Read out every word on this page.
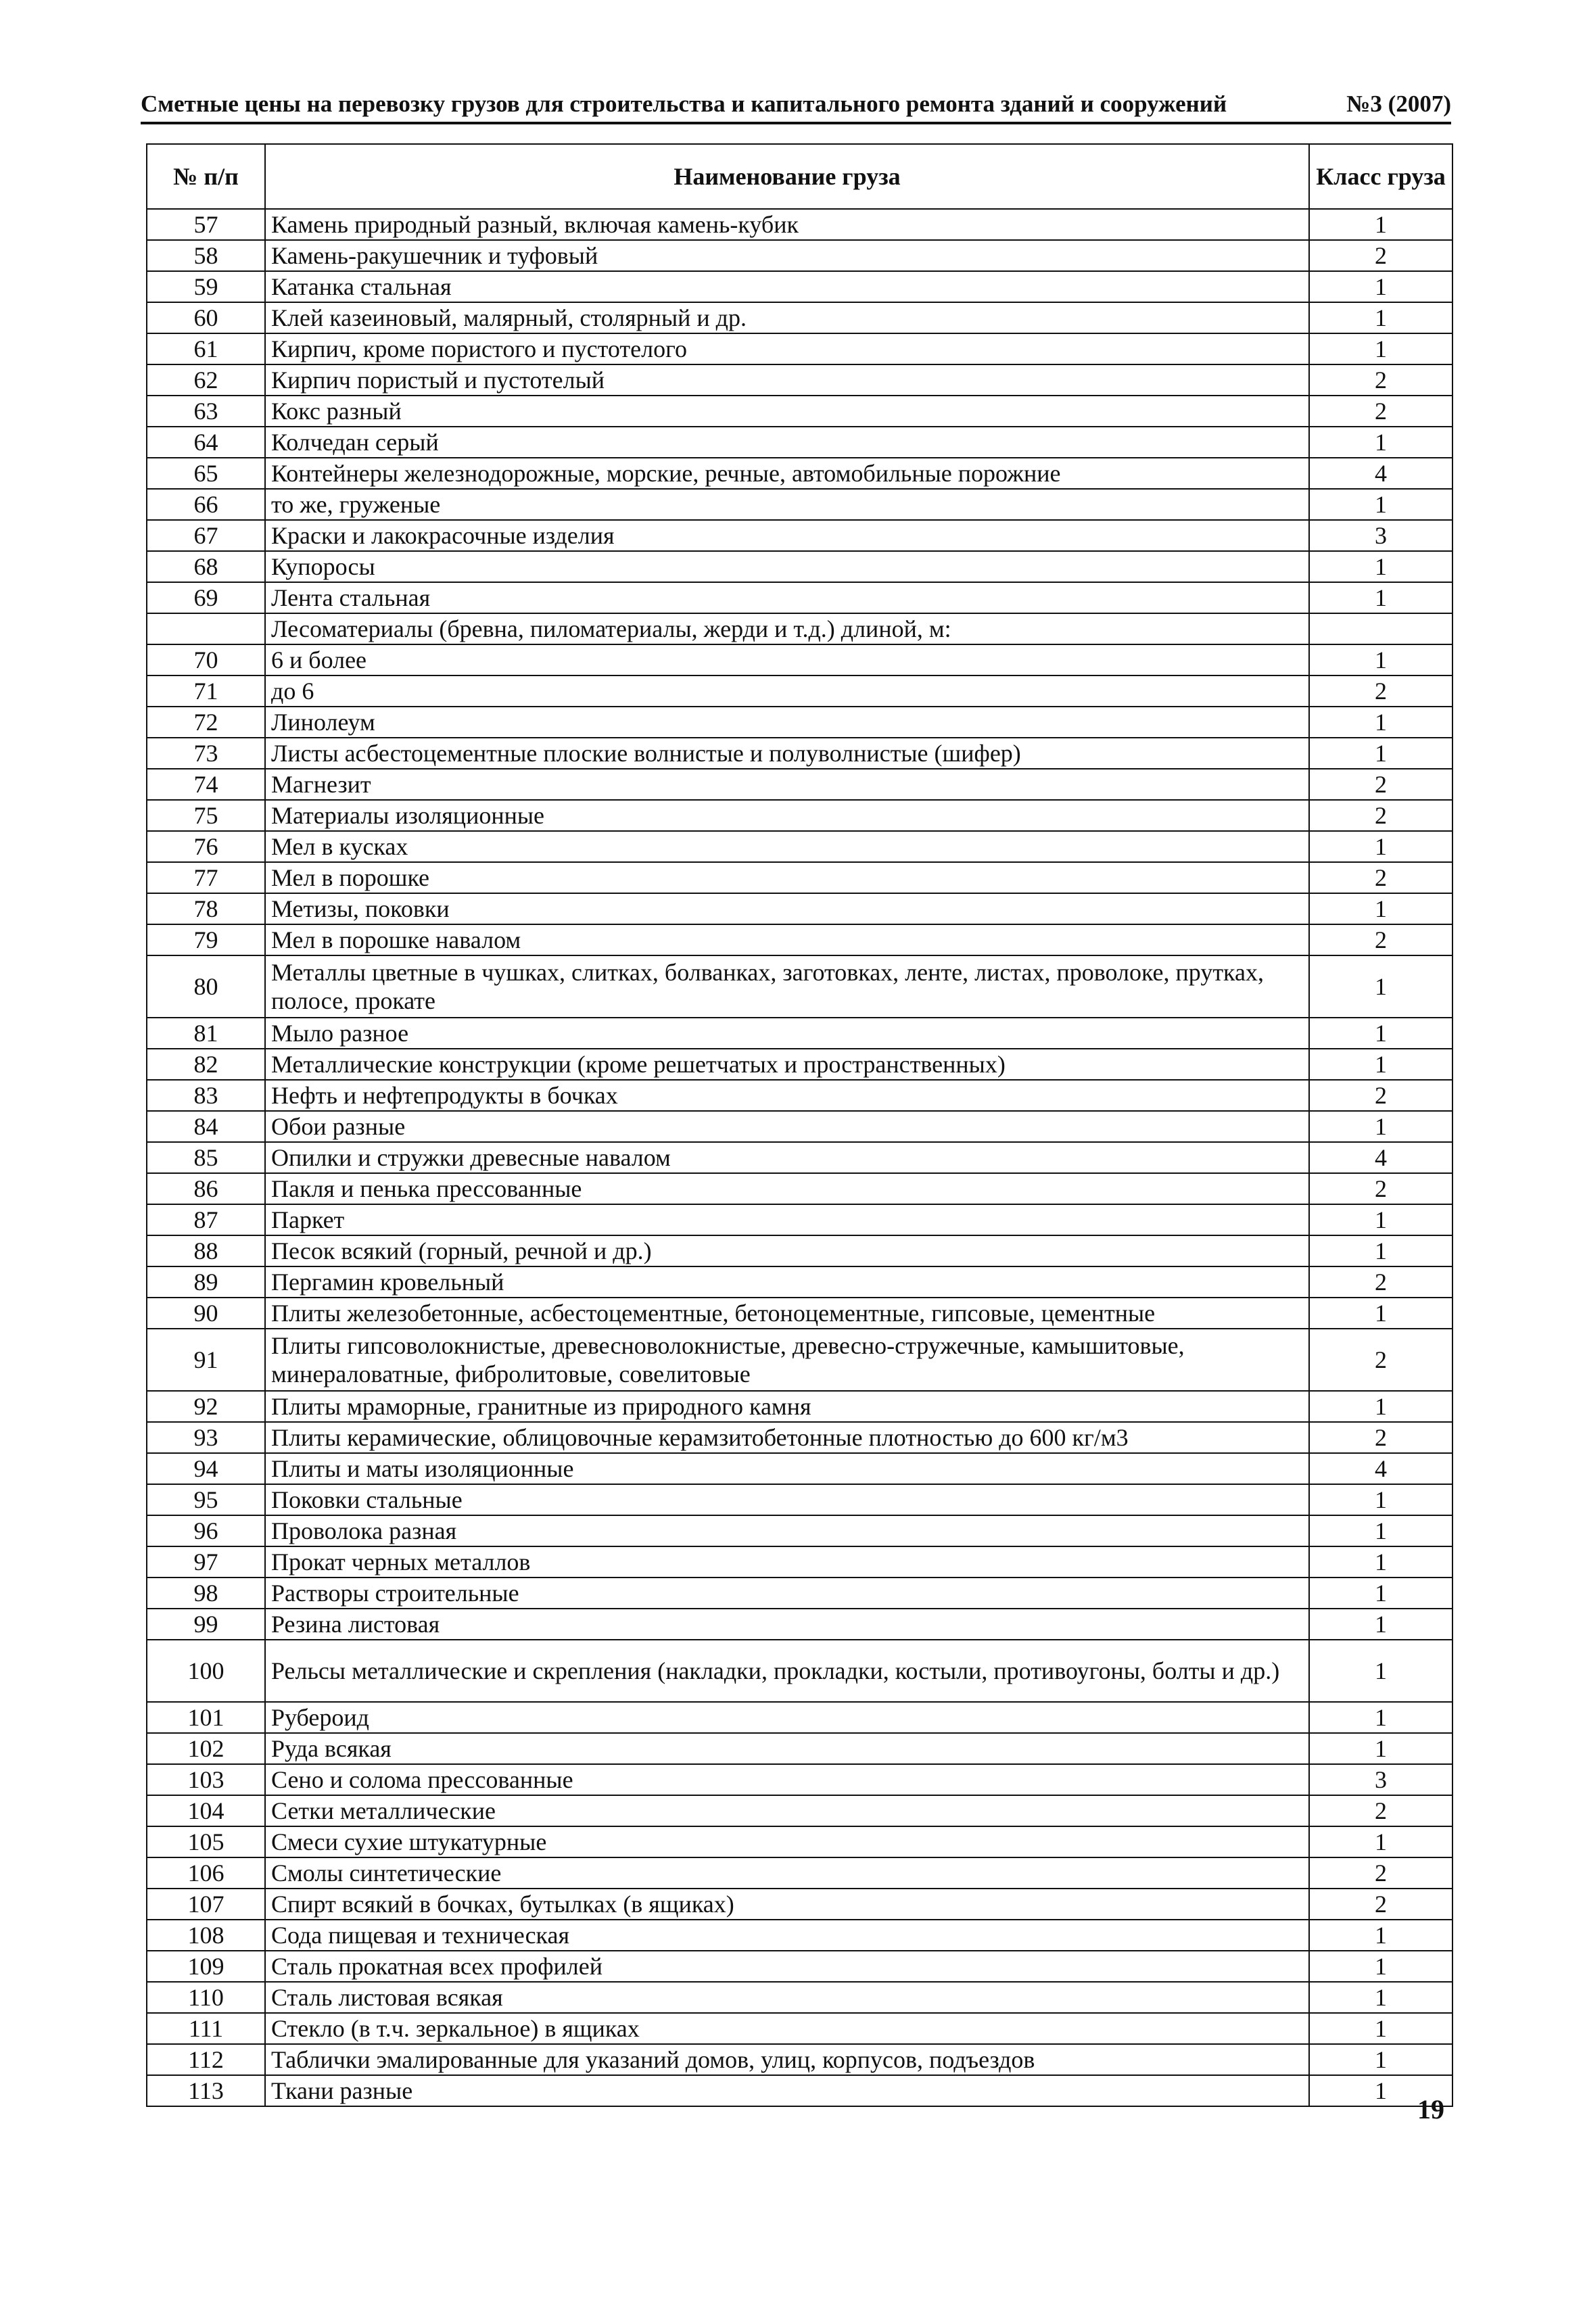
Сметные цены на перевозку грузов для строительства и капитального ремонта зданий и сооружений	№3 (2007)
№ п/п	Наименование груза	Класс груза
57	Камень природный разный, включая камень-кубик	1
58	Камень-ракушечник и туфовый	2
59	Катанка стальная	1
60	Клей казеиновый, малярный, столярный и др.	1
61	Кирпич, кроме пористого и пустотелого	1
62	Кирпич пористый и пустотелый	2
63	Кокс разный	2
64	Колчедан серый	1
65	Контейнеры железнодорожные, морские, речные, автомобильные порожние	4
66	то же, груженые	1
67	Краски и лакокрасочные изделия	3
68	Купоросы	1
69	Лента стальная	1
	Лесоматериалы (бревна, пиломатериалы, жерди и т.д.) длиной, м:	
70	6 и более	1
71	до 6	2
72	Линолеум	1
73	Листы асбестоцементные плоские волнистые и полуволнистые (шифер)	1
74	Магнезит	2
75	Материалы изоляционные	2
76	Мел в кусках	1
77	Мел в порошке	2
78	Метизы, поковки	1
79	Мел в порошке навалом	2
80	Металлы цветные в чушках, слитках, болванках, заготовках, ленте, листах, проволоке, прутках, полосе, прокате	1
81	Мыло разное	1
82	Металлические конструкции (кроме решетчатых и пространственных)	1
83	Нефть и нефтепродукты в бочках	2
84	Обои разные	1
85	Опилки и стружки древесные навалом	4
86	Пакля и пенька прессованные	2
87	Паркет	1
88	Песок всякий (горный, речной и др.)	1
89	Пергамин кровельный	2
90	Плиты железобетонные, асбестоцементные, бетоноцементные, гипсовые, цементные	1
91	Плиты гипсоволокнистые, древесноволокнистые, древесно-стружечные, камышитовые, минераловатные, фибролитовые, совелитовые	2
92	Плиты мраморные, гранитные из природного камня	1
93	Плиты керамические, облицовочные керамзитобетонные плотностью до 600 кг/м3	2
94	Плиты и маты изоляционные	4
95	Поковки стальные	1
96	Проволока разная	1
97	Прокат черных металлов	1
98	Растворы строительные	1
99	Резина листовая	1
100	Рельсы металлические и скрепления (накладки, прокладки, костыли, противоугоны, болты и др.)	1
101	Рубероид	1
102	Руда всякая	1
103	Сено и солома прессованные	3
104	Сетки металлические	2
105	Смеси сухие штукатурные	1
106	Смолы синтетические	2
107	Спирт всякий в бочках, бутылках (в ящиках)	2
108	Сода пищевая и техническая	1
109	Сталь прокатная всех профилей	1
110	Сталь листовая всякая	1
111	Стекло (в т.ч. зеркальное) в ящиках	1
112	Таблички эмалированные для указаний домов, улиц, корпусов, подъездов	1
113	Ткани разные	1
19
